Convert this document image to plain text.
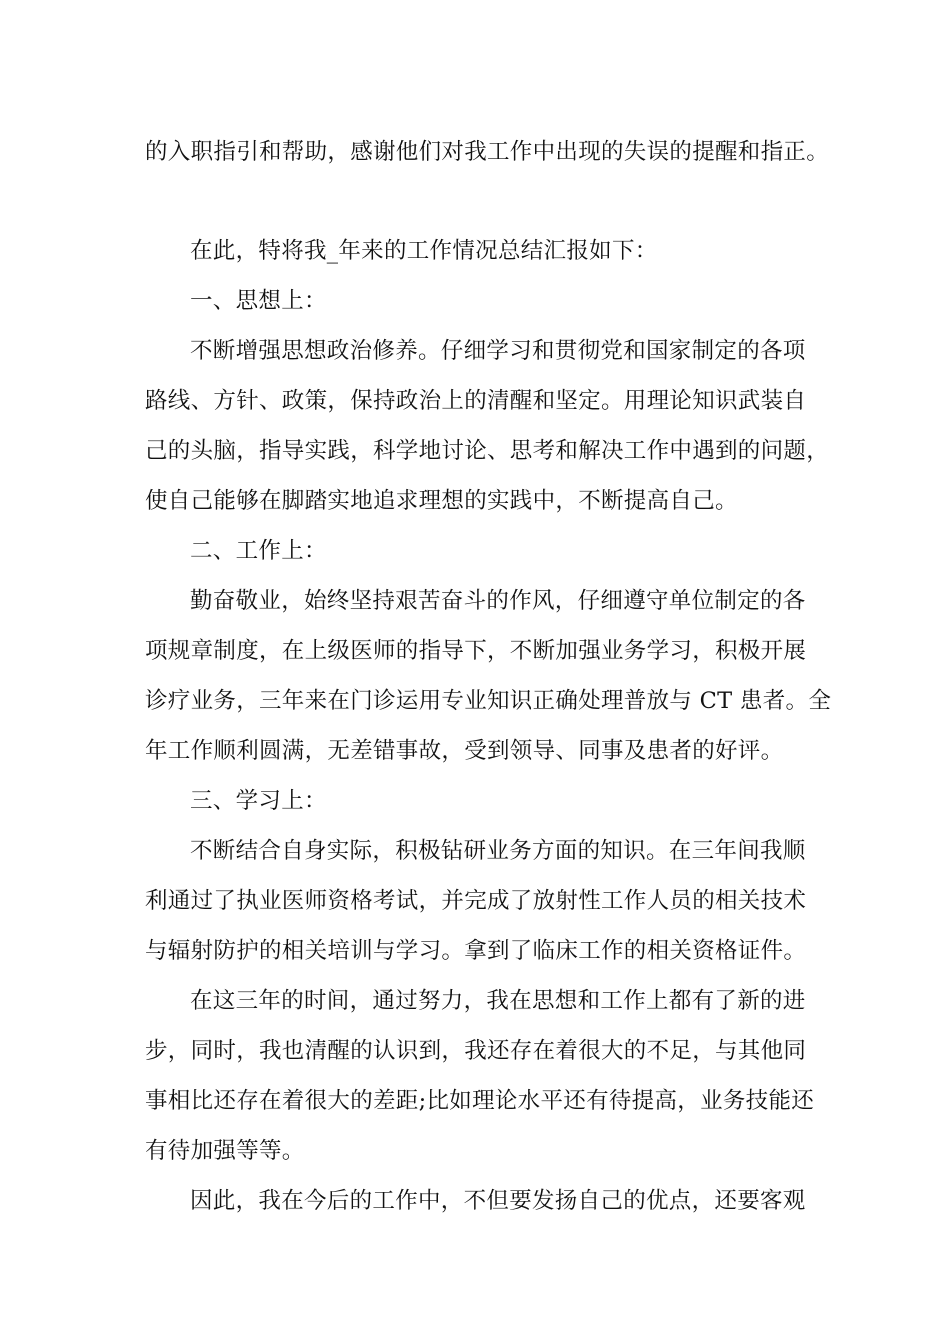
的入职指引和帮助，感谢他们对我工作中出现的失误的提醒和指正。
在此，特将我_年来的工作情况总结汇报如下：
一、思想上：
不断增强思想政治修养。仔细学习和贯彻党和国家制定的各项
路线、方针、政策，保持政治上的清醒和坚定。用理论知识武装自
己的头脑，指导实践，科学地讨论、思考和解决工作中遇到的问题，
使自己能够在脚踏实地追求理想的实践中，不断提高自己。
二、工作上：
勤奋敬业，始终坚持艰苦奋斗的作风，仔细遵守单位制定的各
项规章制度，在上级医师的指导下，不断加强业务学习，积极开展
诊疗业务，三年来在门诊运用专业知识正确处理普放与 CT 患者。全
年工作顺利圆满，无差错事故，受到领导、同事及患者的好评。
三、学习上：
不断结合自身实际，积极钻研业务方面的知识。在三年间我顺
利通过了执业医师资格考试，并完成了放射性工作人员的相关技术
与辐射防护的相关培训与学习。拿到了临床工作的相关资格证件。
在这三年的时间，通过努力，我在思想和工作上都有了新的进
步，同时，我也清醒的认识到，我还存在着很大的不足，与其他同
事相比还存在着很大的差距;比如理论水平还有待提高，业务技能还
有待加强等等。
因此，我在今后的工作中，不但要发扬自己的优点，还要客观
